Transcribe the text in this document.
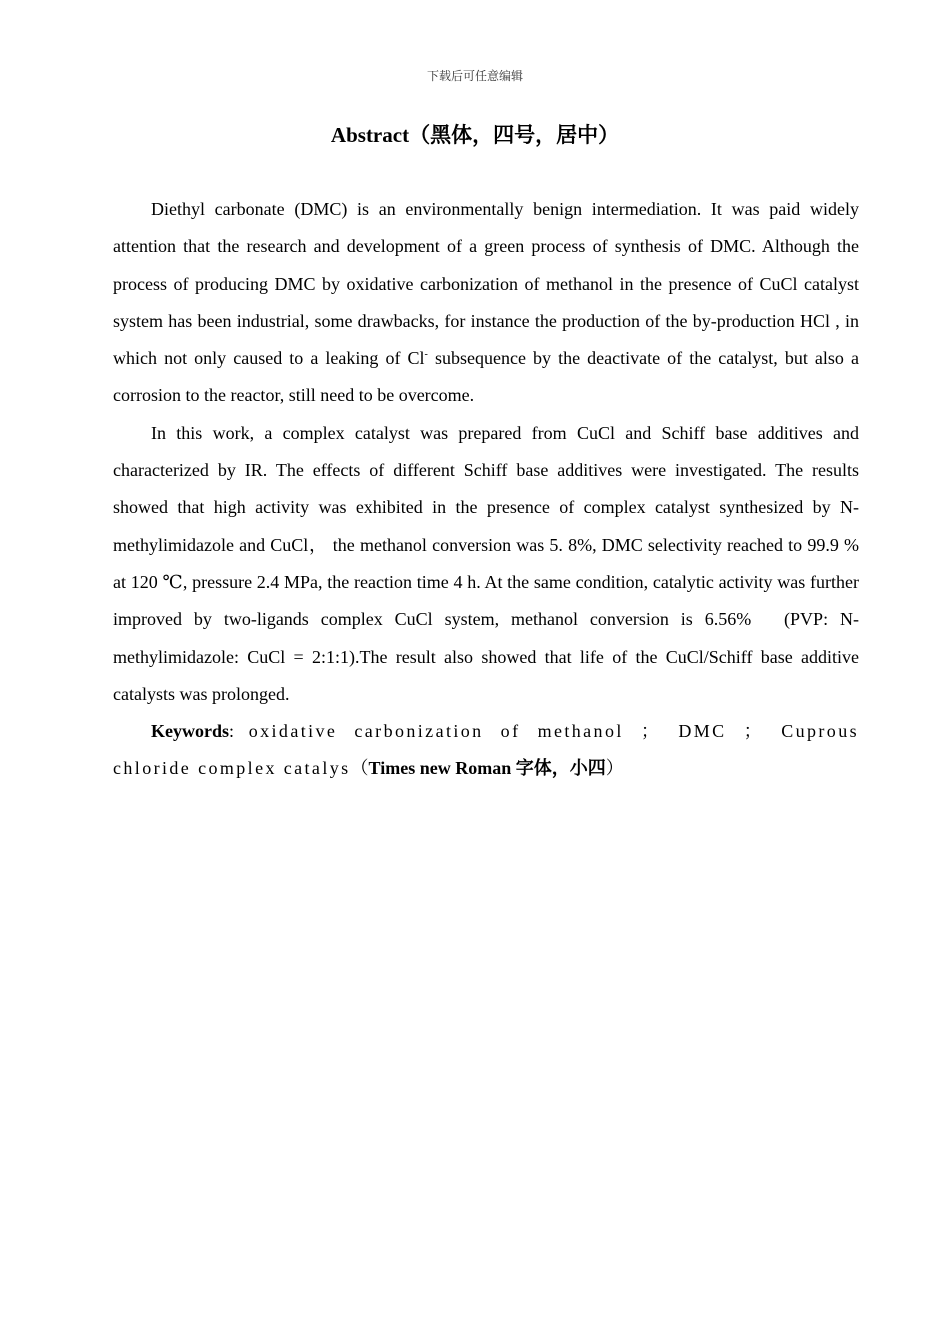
下载后可任意编辑
Abstract（黑体，四号，居中）

Diethyl carbonate (DMC) is an environmentally benign intermediation. It was paid widely attention that the research and development of a green process of synthesis of DMC. Although the process of producing DMC by oxidative carbonization of methanol in the presence of CuCl catalyst system has been industrial, some drawbacks, for instance the production of the by-production HCl , in which not only caused to a leaking of Cl- subsequence by the deactivate of the catalyst, but also a corrosion to the reactor, still need to be overcome.

In this work, a complex catalyst was prepared from CuCl and Schiff base additives and characterized by IR. The effects of different Schiff base additives were investigated. The results showed that high activity was exhibited in the presence of complex catalyst synthesized by N-methylimidazole and CuCl， the methanol conversion was 5. 8%, DMC selectivity reached to 99.9 % at 120 ℃, pressure 2.4 MPa, the reaction time 4 h. At the same condition, catalytic activity was further improved by two-ligands complex CuCl system, methanol conversion is 6.56%　(PVP: N-methylimidazole: CuCl = 2:1:1).The result also showed that life of the CuCl/Schiff base additive catalysts was prolonged.

Keywords: oxidative carbonization of methanol ； DMC ； Cuprous chloride complex catalys（Times new Roman 字体，小四）
